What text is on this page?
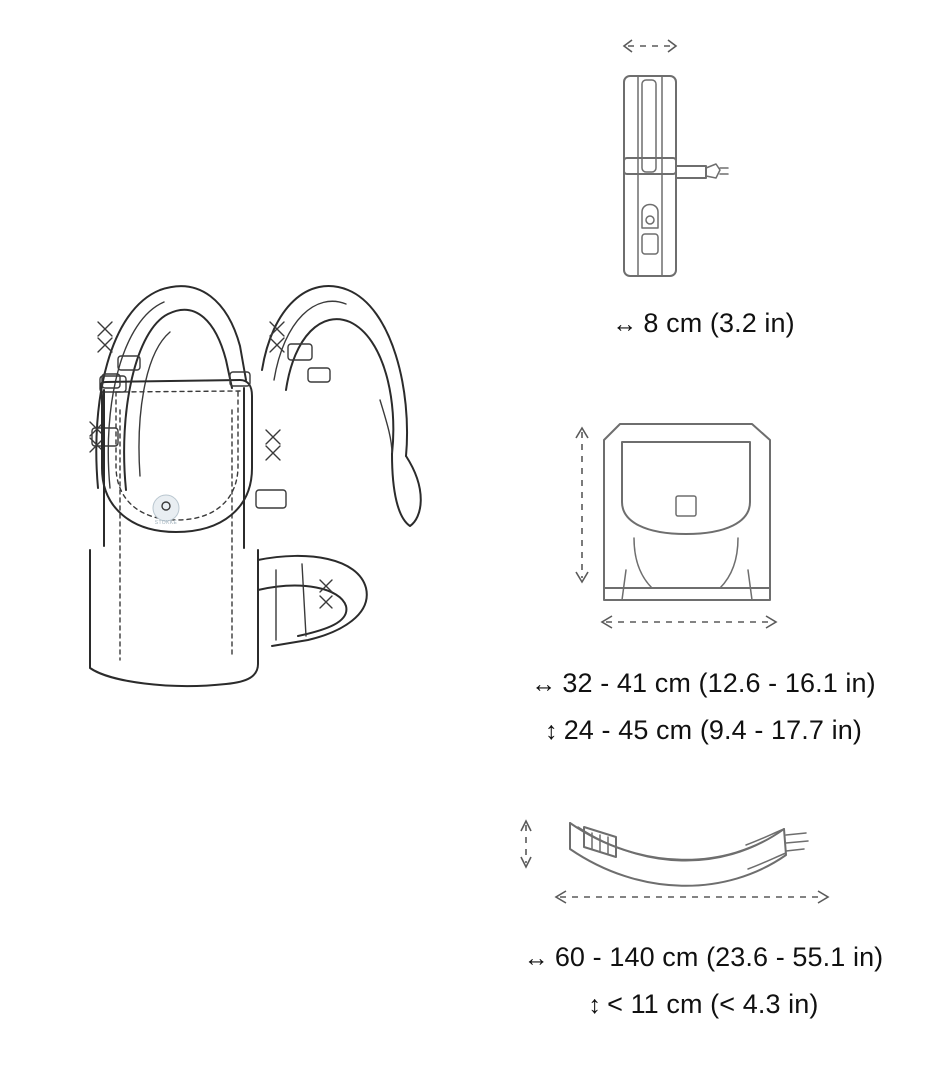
STOKKE
↔ 8 cm (3.2 in)
↔ 32 - 41 cm (12.6 - 16.1 in)
↕ 24 - 45 cm (9.4 - 17.7 in)
↔ 60 - 140 cm (23.6 - 55.1 in)
↕ < 11 cm (< 4.3 in)
